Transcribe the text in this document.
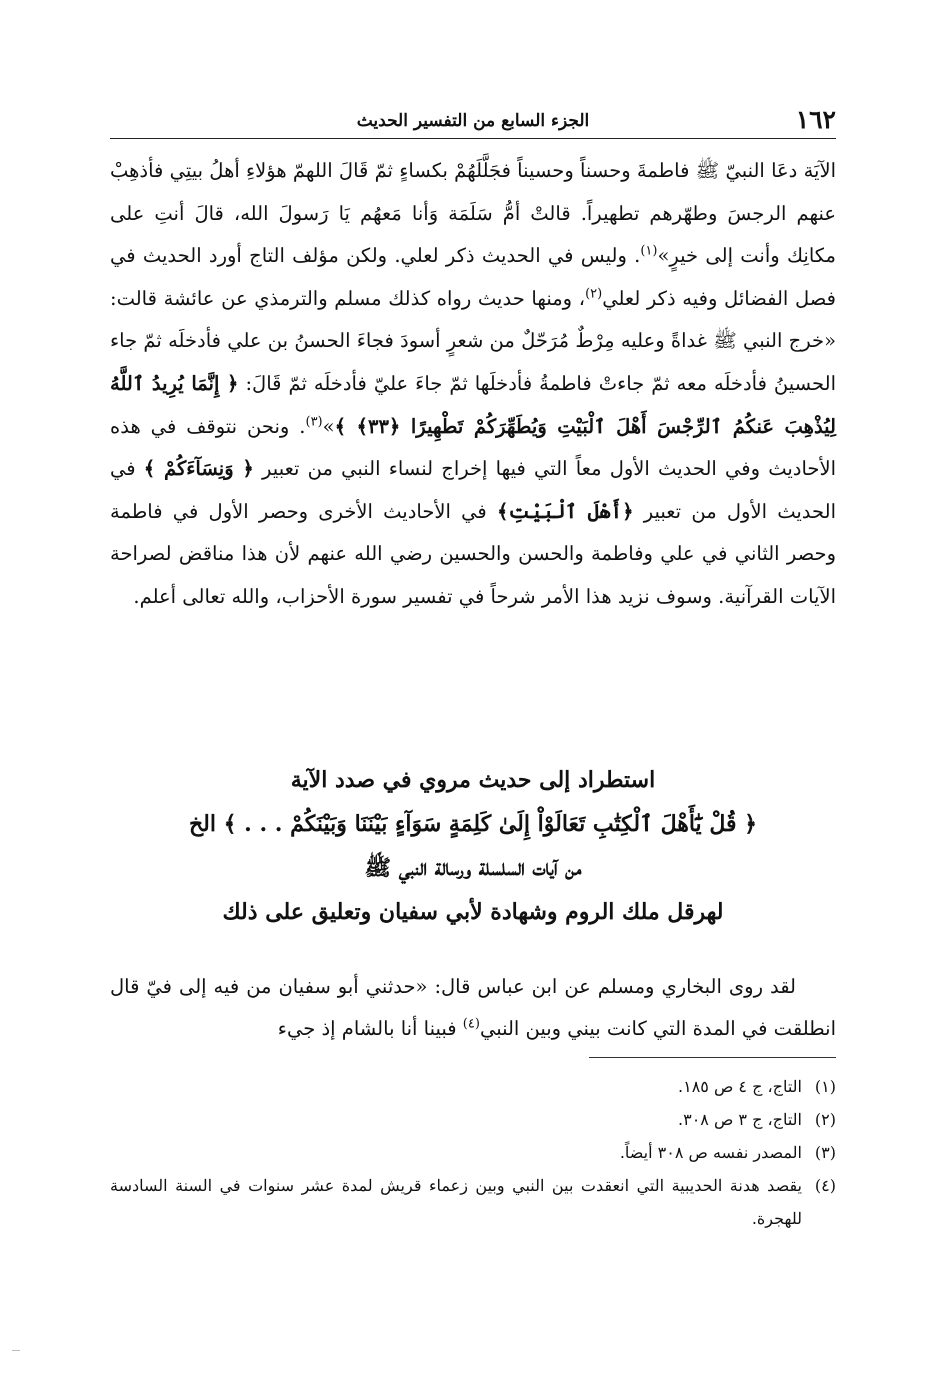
١٦٢
الجزء السابع من التفسير الحديث

الآيَة دعَا النبيّ ﷺ فاطمةَ وحسناً وحسيناً فجَلَّلَهُمْ بكساءٍ ثمّ قَالَ اللهمّ هؤلاءِ أهلُ بيتِي فأذهِبْ عنهم الرجسَ وطهّرهم تطهيراً. قالتْ أمُّ سَلَمَة وَأنا مَعهُم يَا رَسولَ الله، قالَ أنتِ على مكانِك وأنت إلى خيرٍ»$^{(١)}$. وليس في الحديث ذكر لعلي. ولكن مؤلف التاج أورد الحديث في فصل الفضائل وفيه ذكر لعلي$^{(٢)}$، ومنها حديث رواه كذلك مسلم والترمذي عن عائشة قالت: «خرج النبي ﷺ غداةً وعليه مِرْطٌ مُرَحّلٌ من شعرٍ أسودَ فجاءَ الحسنُ بن علي فأدخلَه ثمّ جاء الحسينُ فأدخلَه معه ثمّ جاءتْ فاطمةُ فأدخلَها ثمّ جاءَ عليّ فأدخلَه ثمّ قَالَ: ﴿ إِنَّمَا يُرِيدُ ٱللَّهُ لِيُذْهِبَ عَنكُمُ ٱلرِّجْسَ أَهْلَ ٱلْبَيْتِ وَيُطَهِّرَكُمْ تَطْهِيرًا ﴿٣٣﴾ ﴾»$^{(٣)}$. ونحن نتوقف في هذه الأحاديث وفي الحديث الأول معاً التي فيها إخراج لنساء النبي من تعبير ﴿ وَنِسَآءَكُمْ ﴾ في الحديث الأول من تعبير ﴿أَهْلَ ٱلْبَيْتِ﴾ في الأحاديث الأخرى وحصر الأول في فاطمة وحصر الثاني في علي وفاطمة والحسن والحسين رضي الله عنهم لأن هذا مناقض لصراحة الآيات القرآنية. وسوف نزيد هذا الأمر شرحاً في تفسير سورة الأحزاب، والله تعالى أعلم.

استطراد إلى حديث مروي في صدد الآية
﴿ قُلْ يَٰٓأَهْلَ ٱلْكِتَٰبِ تَعَالَوْاْ إِلَىٰ كَلِمَةٍ سَوَآءٍ بَيْنَنَا وَبَيْنَكُمْ . . . ﴾ الخ
من آيات السلسلة ورسالة النبي ﷺ
لهرقل ملك الروم وشهادة لأبي سفيان وتعليق على ذلك

لقد روى البخاري ومسلم عن ابن عباس قال: «حدثني أبو سفيان من فيه إلى فيّ قال انطلقت في المدة التي كانت بيني وبين النبي$^{(٤)}$ فبينا أنا بالشام إذ جيء

(١)
التاج، ج ٤ ص ١٨٥.
(٢)
التاج، ج ٣ ص ٣٠٨.
(٣)
المصدر نفسه ص ٣٠٨ أيضاً.
(٤)
يقصد هدنة الحديبية التي انعقدت بين النبي وبين زعماء قريش لمدة عشر سنوات في السنة السادسة للهجرة.
